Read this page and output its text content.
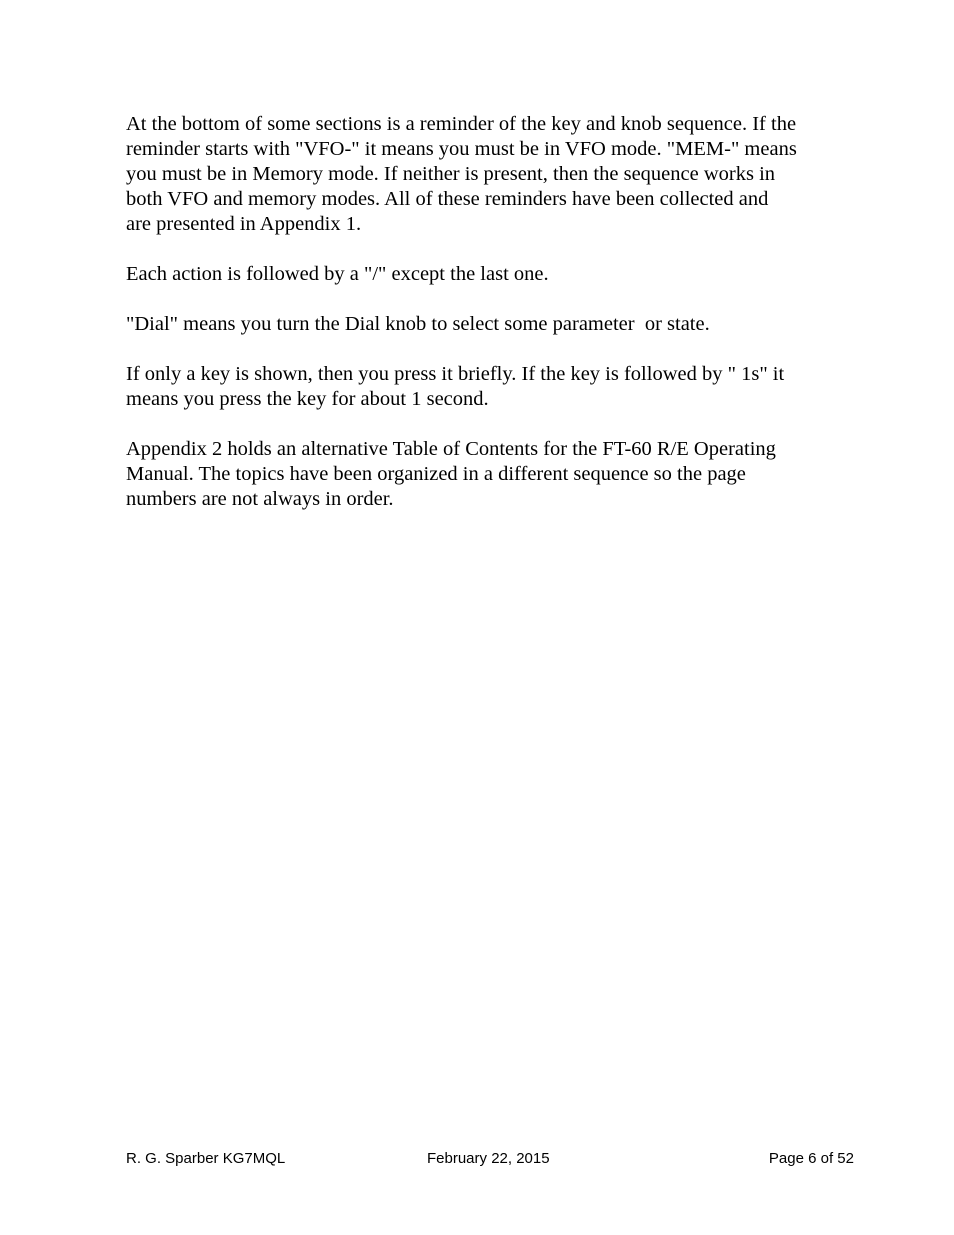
At the bottom of some sections is a reminder of the key and knob sequence. If the
reminder starts with "VFO-" it means you must be in VFO mode. "MEM-" means
you must be in Memory mode. If neither is present, then the sequence works in
both VFO and memory modes. All of these reminders have been collected and
are presented in Appendix 1.

Each action is followed by a "/" except the last one.

"Dial" means you turn the Dial knob to select some parameter  or state.

If only a key is shown, then you press it briefly. If the key is followed by " 1s" it
means you press the key for about 1 second.

Appendix 2 holds an alternative Table of Contents for the FT-60 R/E Operating
Manual. The topics have been organized in a different sequence so the page
numbers are not always in order.

R. G. Sparber KG7MQL	February 22, 2015	Page 6 of 52
